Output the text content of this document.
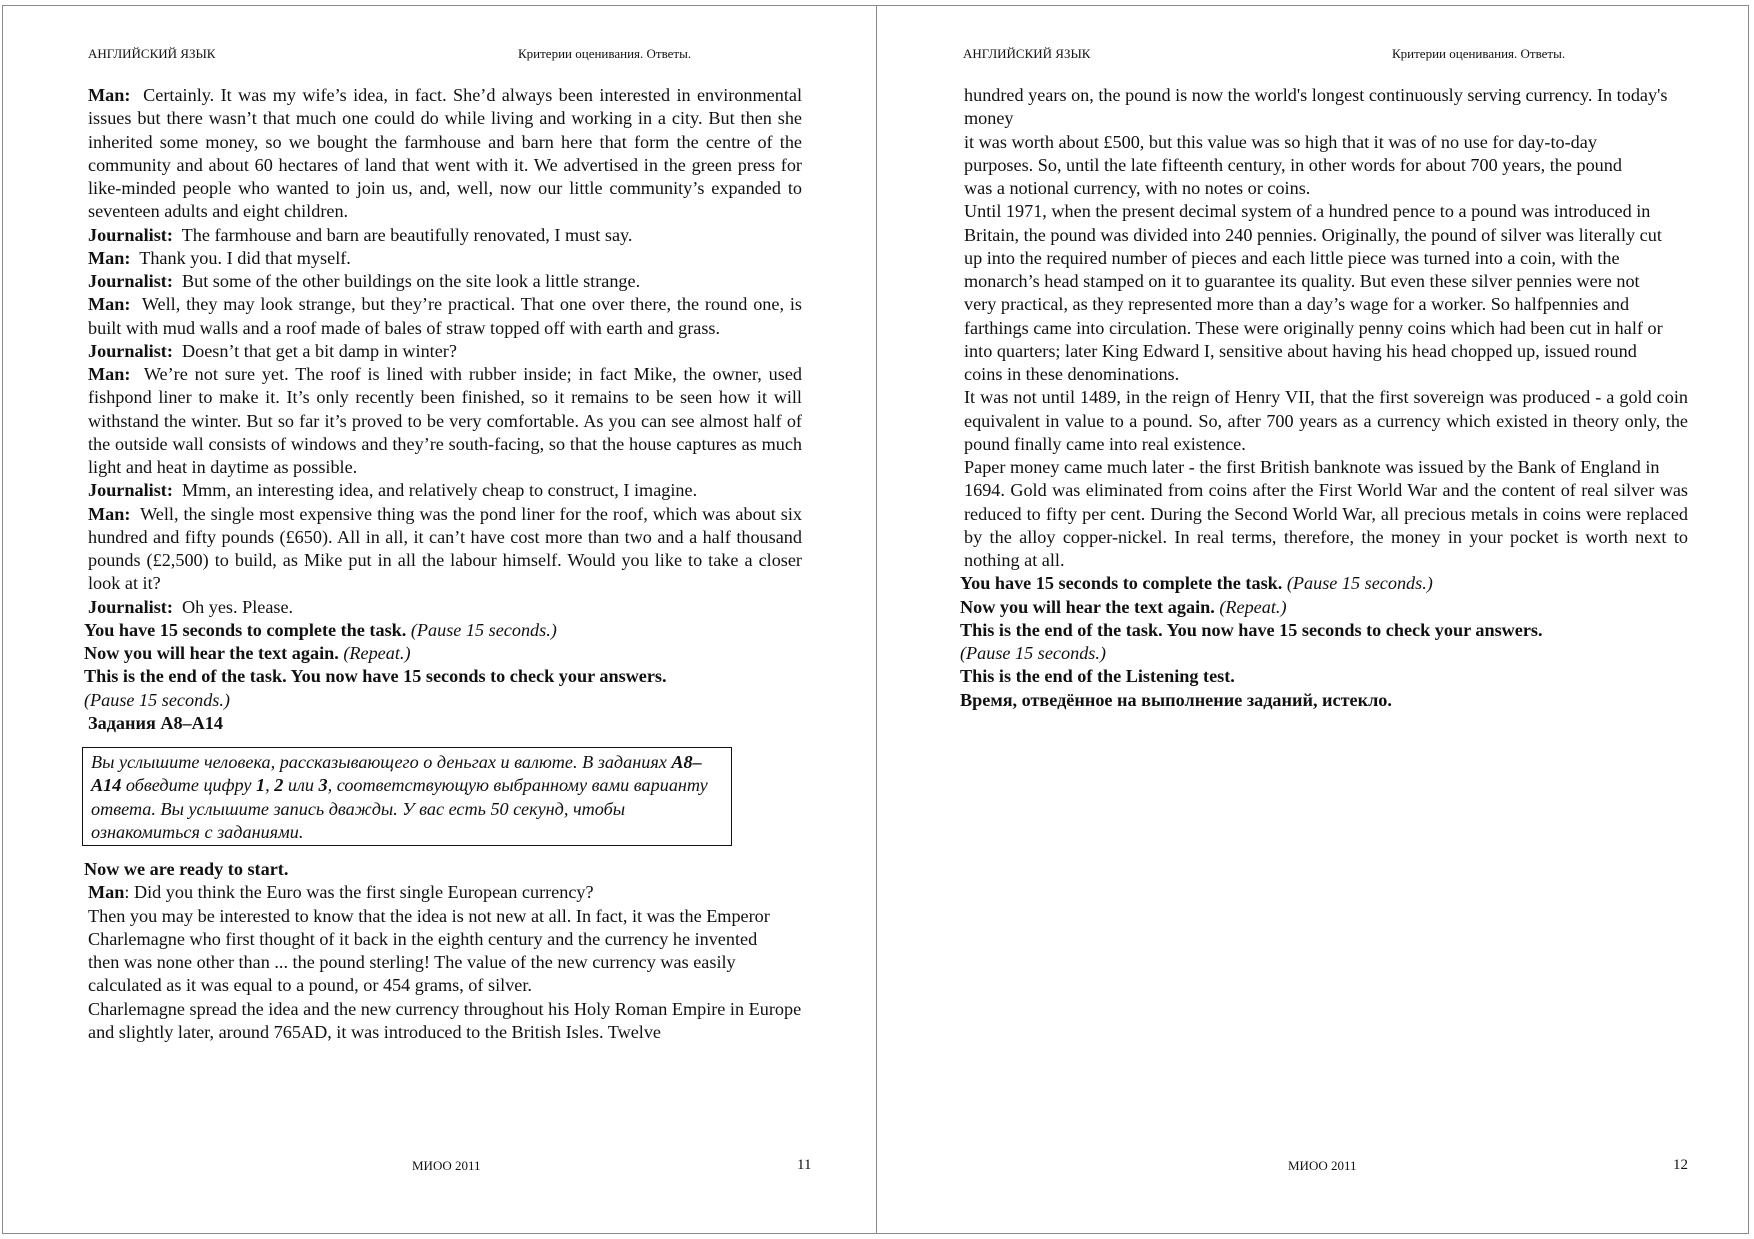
АНГЛИЙСКИЙ ЯЗЫК	Критерии оценивания. Ответы.
Man: Certainly. It was my wife’s idea, in fact. She’d always been interested in environmental issues but there wasn’t that much one could do while living and working in a city. But then she inherited some money, so we bought the farmhouse and barn here that form the centre of the community and about 60 hectares of land that went with it. We advertised in the green press for like-minded people who wanted to join us, and, well, now our little community’s expanded to seventeen adults and eight children.
Journalist: The farmhouse and barn are beautifully renovated, I must say.
Man: Thank you. I did that myself.
Journalist: But some of the other buildings on the site look a little strange.
Man: Well, they may look strange, but they’re practical. That one over there, the round one, is built with mud walls and a roof made of bales of straw topped off with earth and grass.
Journalist: Doesn’t that get a bit damp in winter?
Man: We’re not sure yet. The roof is lined with rubber inside; in fact Mike, the owner, used fishpond liner to make it. It’s only recently been finished, so it remains to be seen how it will withstand the winter. But so far it’s proved to be very comfortable. As you can see almost half of the outside wall consists of windows and they’re south-facing, so that the house captures as much light and heat in daytime as possible.
Journalist: Mmm, an interesting idea, and relatively cheap to construct, I imagine.
Man: Well, the single most expensive thing was the pond liner for the roof, which was about six hundred and fifty pounds (£650). All in all, it can’t have cost more than two and a half thousand pounds (£2,500) to build, as Mike put in all the labour himself. Would you like to take a closer look at it?
Journalist: Oh yes. Please.
You have 15 seconds to complete the task. (Pause 15 seconds.)
Now you will hear the text again. (Repeat.)
This is the end of the task. You now have 15 seconds to check your answers.
(Pause 15 seconds.)
Задания А8–А14
Вы услышите человека, рассказывающего о деньгах и валюте. В заданиях А8–А14 обведите цифру 1, 2 или 3, соответствующую выбранному вами варианту ответа. Вы услышите запись дважды. У вас есть 50 секунд, чтобы ознакомиться с заданиями.
Now we are ready to start.
Man: Did you think the Euro was the first single European currency?
Then you may be interested to know that the idea is not new at all. In fact, it was the Emperor
Charlemagne who first thought of it back in the eighth century and the currency he invented then was none other than ... the pound sterling! The value of the new currency was easily calculated as it was equal to a pound, or 454 grams, of silver.
Charlemagne spread the idea and the new currency throughout his Holy Roman Empire in Europe and slightly later, around 765AD, it was introduced to the British Isles. Twelve
МИОО 2011	11
АНГЛИЙСКИЙ ЯЗЫК	Критерии оценивания. Ответы.
hundred years on, the pound is now the world's longest continuously serving currency. In today's money
it was worth about £500, but this value was so high that it was of no use for day-to-day purposes. So, until the late fifteenth century, in other words for about 700 years, the pound was a notional currency, with no notes or coins.
Until 1971, when the present decimal system of a hundred pence to a pound was introduced in Britain, the pound was divided into 240 pennies. Originally, the pound of silver was literally cut up into the required number of pieces and each little piece was turned into a coin, with the monarch’s head stamped on it to guarantee its quality. But even these silver pennies were not very practical, as they represented more than a day’s wage for a worker. So halfpennies and farthings came into circulation. These were originally penny coins which had been cut in half or into quarters; later King Edward I, sensitive about having his head chopped up, issued round coins in these denominations.
It was not until 1489, in the reign of Henry VII, that the first sovereign was produced - a gold coin equivalent in value to a pound. So, after 700 years as a currency which existed in theory only, the pound finally came into real existence.
Paper money came much later - the first British banknote was issued by the Bank of England in
1694. Gold was eliminated from coins after the First World War and the content of real silver was reduced to fifty per cent. During the Second World War, all precious metals in coins were replaced by the alloy copper-nickel. In real terms, therefore, the money in your pocket is worth next to nothing at all.
You have 15 seconds to complete the task. (Pause 15 seconds.)
Now you will hear the text again. (Repeat.)
This is the end of the task. You now have 15 seconds to check your answers.
(Pause 15 seconds.)
This is the end of the Listening test.
Время, отведённое на выполнение заданий, истекло.
МИОО 2011	12
